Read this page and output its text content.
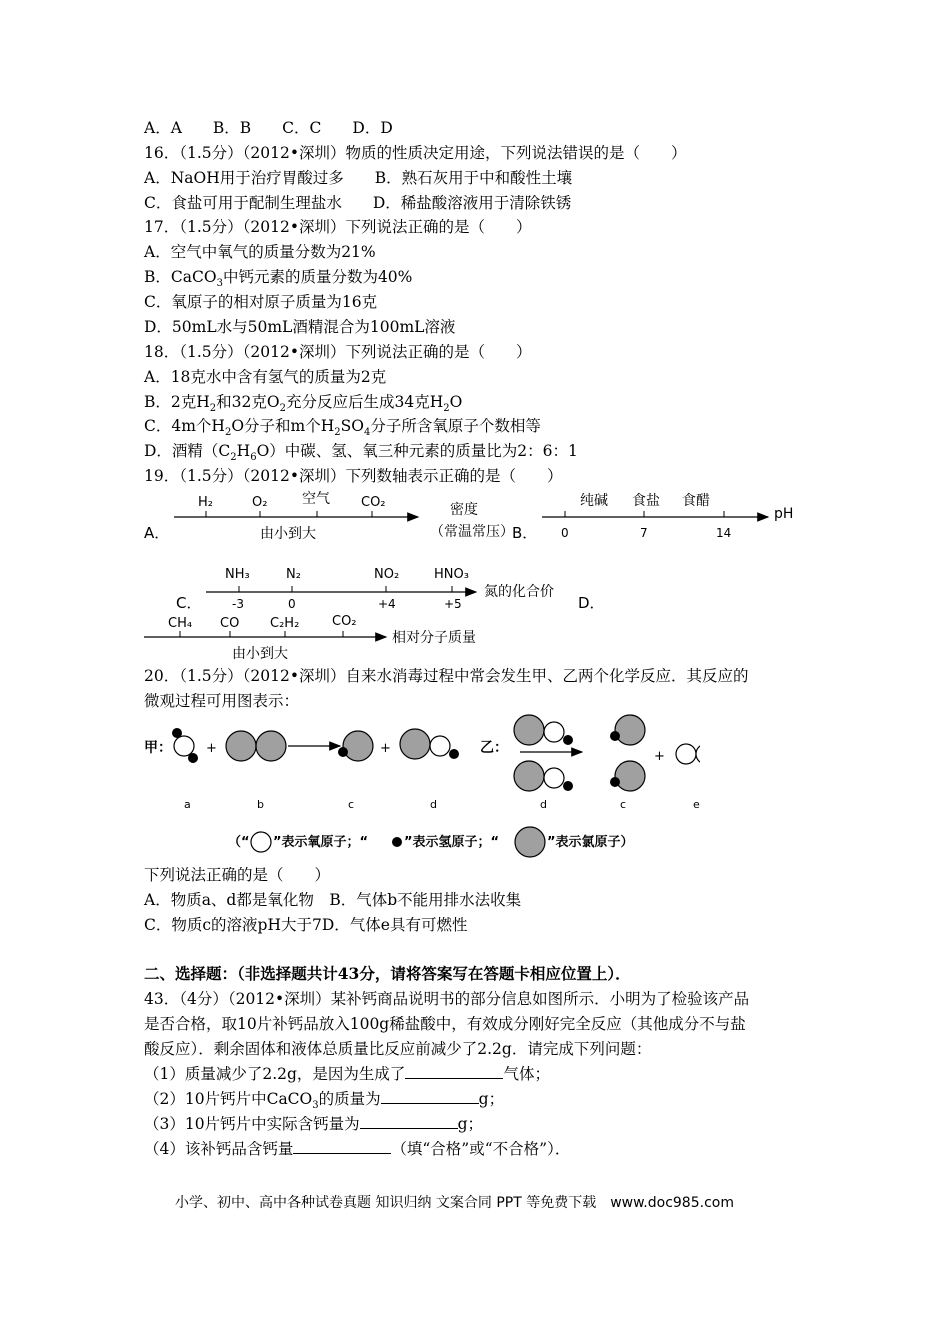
A．A　　B．B　　C．C　　D．D
16．（1.5分）（2012•深圳）物质的性质决定用途，下列说法错误的是（　　）
A．NaOH用于治疗胃酸过多　　B．熟石灰用于中和酸性土壤
C．食盐可用于配制生理盐水　　D．稀盐酸溶液用于清除铁锈
17．（1.5分）（2012•深圳）下列说法正确的是（　　）
A．空气中氧气的质量分数为21%
B．CaCO$_3$中钙元素的质量分数为40%
C．氧原子的相对原子质量为16克
D．50mL水与50mL酒精混合为100mL溶液
18．（1.5分）（2012•深圳）下列说法正确的是（　　）
A．18克水中含有氢气的质量为2克
B．2克$H_2$和32克$O_2$充分反应后生成34克$H_2O$
C．4m个$H_2O$分子和m个$H_2SO_4$分子所含氧原子个数相等
D．酒精$(C_2H_6O)$中碳、氢、氧三种元素的质量比为2：6：1
19．（1.5分）（2012•深圳）下列数轴表示正确的是（　　）
A．
H₂	O₂ 空气 CO₂
由小到大
密度
（常温常压）
B．
纯碱 食盐 食醋
0	7	14
pH
C．
NH₃	N₂	NO₂	HNO₃
-3	0	+4	+5
氮的化合价
D．
CH₄ CO C₂H₂	CO₂
由小到大
相对分子质量
20．（1.5分）（2012•深圳）自来水消毒过程中常会发生甲、乙两个化学反应．其反应的
微观过程可用图表示：
甲：	+	+	乙：
+
a	b	c	d	d	c	e
（“ ”表示氧原子；“	”表示氢原子；“	”表示氯原子）
下列说法正确的是（　　）
A．物质a、d都是氧化物　B．气体b不能用排水法收集
C．物质c的溶液pH大于7D．气体e具有可燃性
二、选择题：（非选择题共计43分，请将答案写在答题卡相应位置上）．
43．（4分）（2012•深圳）某补钙商品说明书的部分信息如图所示．小明为了检验该产品
是否合格，取10片补钙品放入100g稀盐酸中，有效成分刚好完全反应（其他成分不与盐
酸反应）．剩余固体和液体总质量比反应前减少了2.2g．请完成下列问题：
（1）质量减少了2.2g，是因为生成了	气体；
（2）10片钙片中CaCO$_3$的质量为	g；
（3）10片钙片中实际含钙量为	g；
（4）该补钙品含钙量	（填“合格”或“不合格”）．
小学、初中、高中各种试卷真题 知识归纳 文案合同 PPT 等免费下载　www.doc985.com
